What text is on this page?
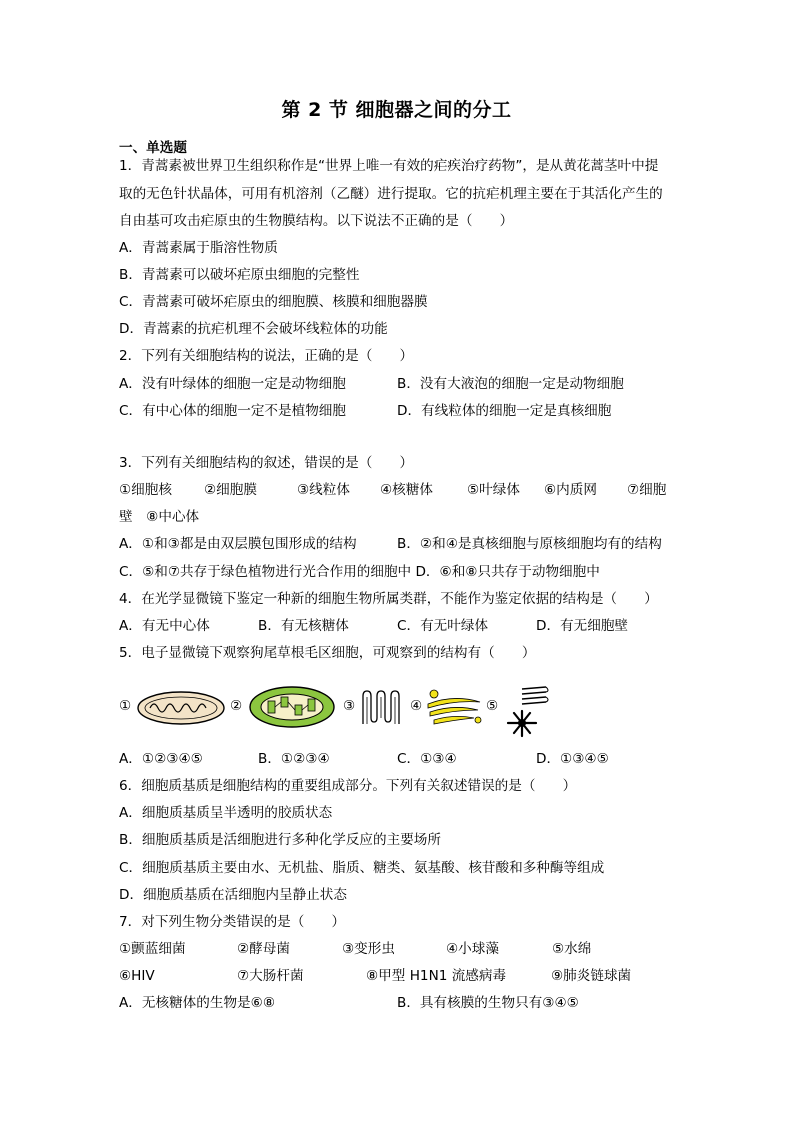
第 2 节 细胞器之间的分工
一、单选题
1．青蒿素被世界卫生组织称作是“世界上唯一有效的疟疾治疗药物”，是从黄花蒿茎叶中提
取的无色针状晶体，可用有机溶剂（乙醚）进行提取。它的抗疟机理主要在于其活化产生的
自由基可攻击疟原虫的生物膜结构。以下说法不正确的是（　　）
A．青蒿素属于脂溶性物质
B．青蒿素可以破坏疟原虫细胞的完整性
C．青蒿素可破坏疟原虫的细胞膜、核膜和细胞器膜
D．青蒿素的抗疟机理不会破坏线粒体的功能
2．下列有关细胞结构的说法，正确的是（　　）
A．没有叶绿体的细胞一定是动物细胞	B．没有大液泡的细胞一定是动物细胞
C．有中心体的细胞一定不是植物细胞	D．有线粒体的细胞一定是真核细胞
3．下列有关细胞结构的叙述，错误的是（　　）
①细胞核 ②细胞膜	③线粒体 ④核糖体	⑤叶绿体 ⑥内质网 ⑦细胞
壁　⑧中心体
A．①和③都是由双层膜包围形成的结构	B．②和④是真核细胞与原核细胞均有的结构
C．⑤和⑦共存于绿色植物进行光合作用的细胞中 D．⑥和⑧只共存于动物细胞中
4．在光学显微镜下鉴定一种新的细胞生物所属类群，不能作为鉴定依据的结构是（　　）
A．有无中心体	B．有无核糖体	C．有无叶绿体	D．有无细胞壁
5．电子显微镜下观察狗尾草根毛区细胞，可观察到的结构有（　　）
①	②	③	④	⑤
A．①②③④⑤	B．①②③④	C．①③④	D．①③④⑤
6．细胞质基质是细胞结构的重要组成部分。下列有关叙述错误的是（　　）
A．细胞质基质呈半透明的胶质状态
B．细胞质基质是活细胞进行多种化学反应的主要场所
C．细胞质基质主要由水、无机盐、脂质、糖类、氨基酸、核苷酸和多种酶等组成
D．细胞质基质在活细胞内呈静止状态
7．对下列生物分类错误的是（　　）
①颤蓝细菌	②酵母菌	③变形虫	④小球藻	⑤水绵
⑥HIV	⑦大肠杆菌	⑧甲型 H1N1 流感病毒	⑨肺炎链球菌
A．无核糖体的生物是⑥⑧	B．具有核膜的生物只有③④⑤
